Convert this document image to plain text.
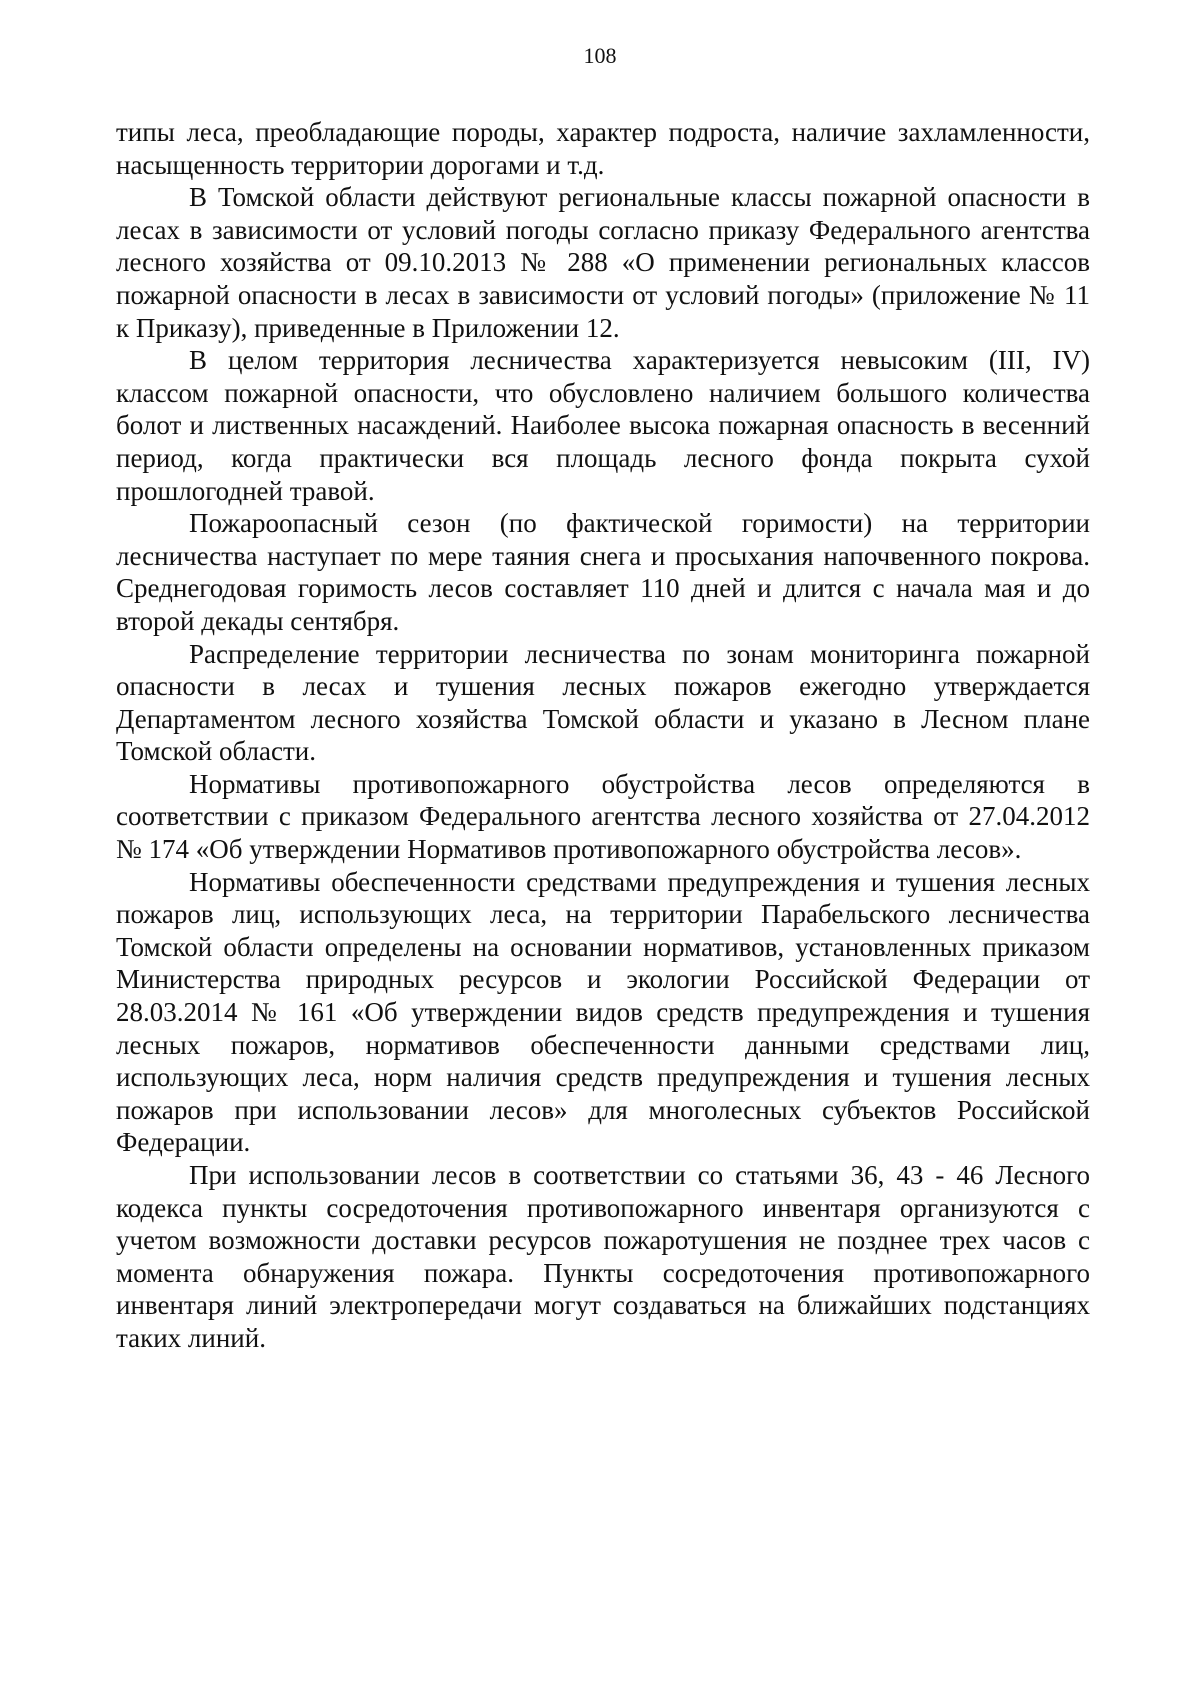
108

типы леса, преобладающие породы, характер подроста, наличие захламленности, насыщенность территории дорогами и т.д.

В Томской области действуют региональные классы пожарной опасности в лесах в зависимости от условий погоды согласно приказу Федерального агентства лесного хозяйства от 09.10.2013 № 288 «О применении региональных классов пожарной опасности в лесах в зависимости от условий погоды» (приложение № 11 к Приказу), приведенные в Приложении 12.

В целом территория лесничества характеризуется невысоким (III, IV) классом пожарной опасности, что обусловлено наличием большого количества болот и лиственных насаждений. Наиболее высока пожарная опасность в весенний период, когда практически вся площадь лесного фонда покрыта сухой прошлогодней травой.

Пожароопасный сезон (по фактической горимости) на территории лесничества наступает по мере таяния снега и просыхания напочвенного покрова. Среднегодовая горимость лесов составляет 110 дней и длится с начала мая и до второй декады сентября.

Распределение территории лесничества по зонам мониторинга пожарной опасности в лесах и тушения лесных пожаров ежегодно утверждается Департаментом лесного хозяйства Томской области и указано в Лесном плане Томской области.

Нормативы противопожарного обустройства лесов определяются в соответствии с приказом Федерального агентства лесного хозяйства от 27.04.2012 № 174 «Об утверждении Нормативов противопожарного обустройства лесов».

Нормативы обеспеченности средствами предупреждения и тушения лесных пожаров лиц, использующих леса, на территории Парабельского лесничества Томской области определены на основании нормативов, установленных приказом Министерства природных ресурсов и экологии Российской Федерации от 28.03.2014 № 161 «Об утверждении видов средств предупреждения и тушения лесных пожаров, нормативов обеспеченности данными средствами лиц, использующих леса, норм наличия средств предупреждения и тушения лесных пожаров при использовании лесов» для многолесных субъектов Российской Федерации.

При использовании лесов в соответствии со статьями 36, 43 - 46 Лесного кодекса пункты сосредоточения противопожарного инвентаря организуются с учетом возможности доставки ресурсов пожаротушения не позднее трех часов с момента обнаружения пожара. Пункты сосредоточения противопожарного инвентаря линий электропередачи могут создаваться на ближайших подстанциях таких линий.
